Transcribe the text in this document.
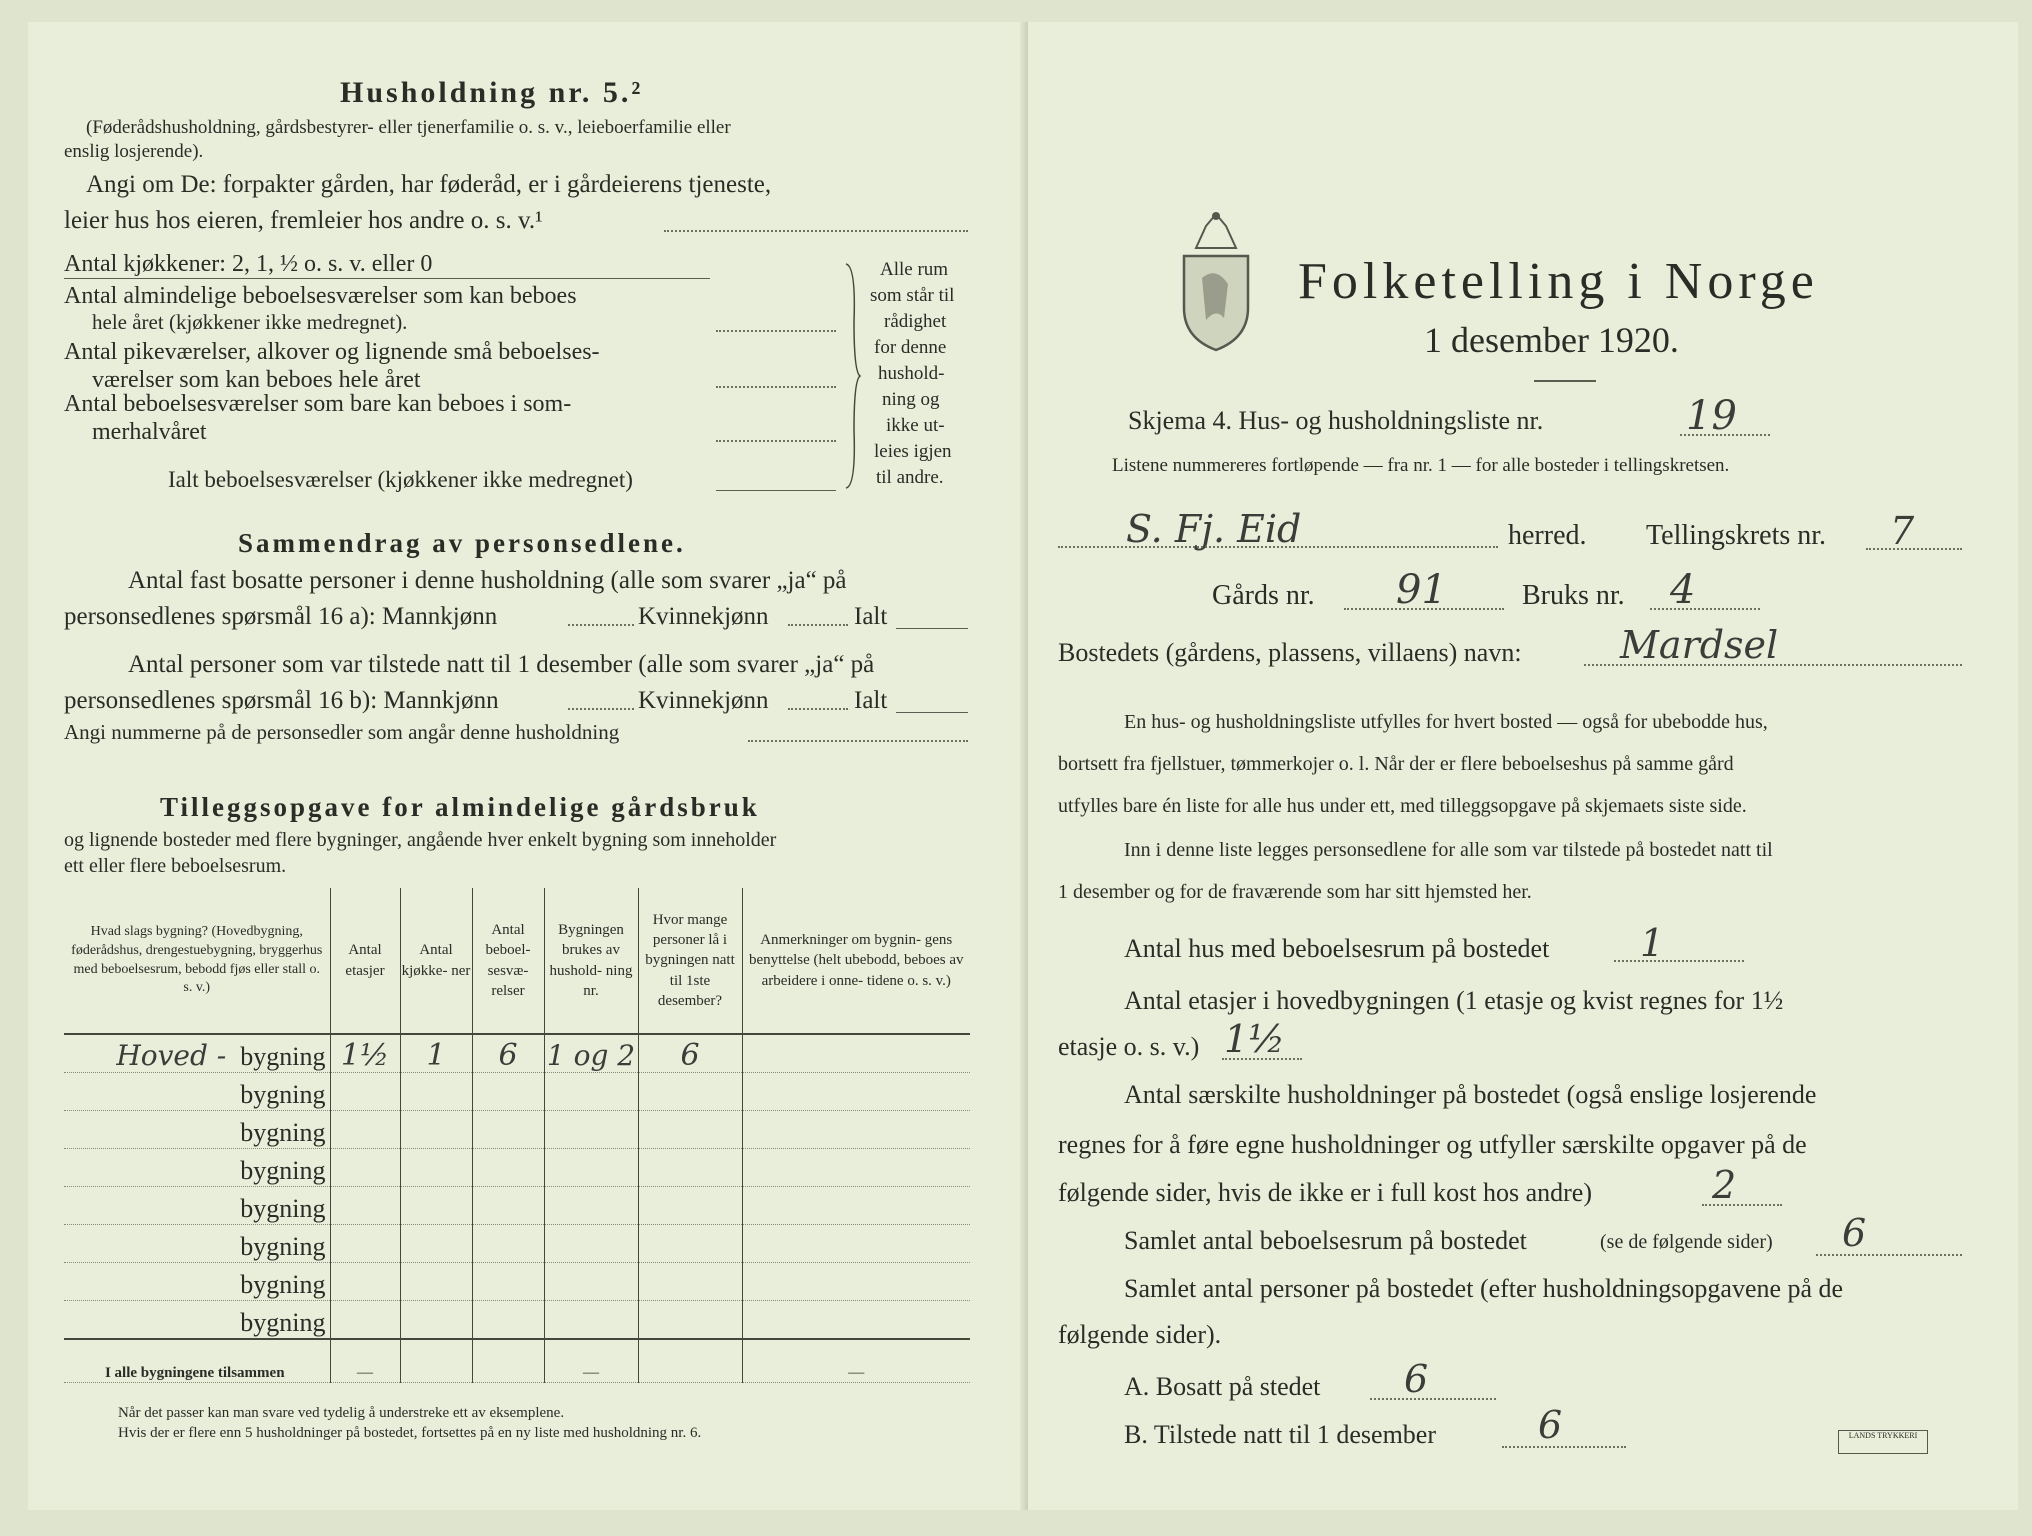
Husholdning nr. 5.²
(Føderådshusholdning, gårdsbestyrer- eller tjenerfamilie o. s. v., leieboerfamilie eller
enslig losjerende).
Angi om De: forpakter gården, har føderåd, er i gårdeierens tjeneste,
leier hus hos eieren, fremleier hos andre o. s. v.¹
Antal kjøkkener: 2, 1, ½ o. s. v. eller 0
Antal almindelige beboelsesværelser som kan beboes
hele året (kjøkkener ikke medregnet).
Antal pikeværelser, alkover og lignende små beboelses-
værelser som kan beboes hele året
Antal beboelsesværelser som bare kan beboes i som-
merhalvåret
Ialt beboelsesværelser (kjøkkener ikke medregnet)
Alle rum
som står til
rådighet
for denne
hushold-
ning og
ikke ut-
leies igjen
til andre.
Sammendrag av personsedlene.
Antal fast bosatte personer i denne husholdning (alle som svarer „ja“ på
personsedlenes spørsmål 16 a): Mannkjønn	Kvinnekjønn	Ialt
Antal personer som var tilstede natt til 1 desember (alle som svarer „ja“ på
personsedlenes spørsmål 16 b): Mannkjønn	Kvinnekjønn	Ialt
Angi nummerne på de personsedler som angår denne husholdning
Tilleggsopgave for almindelige gårdsbruk
og lignende bosteder med flere bygninger, angående hver enkelt bygning som inneholder
ett eller flere beboelsesrum.
Hvad slags bygning? (Hovedbygning, føderådshus, drengestuebygning, bryggerhus med beboelsesrum, bebodd fjøs eller stall o. s. v.)	Antal etasjer	Antal kjøkke- ner	Antal beboel- sesvæ- relser	Bygningen brukes av hushold- ning nr.	Hvor mange personer lå i bygningen natt til 1ste desember?	Anmerkninger om bygnin- gens benyttelse (helt ubebodd, beboes av arbeidere i onne- tidene o. s. v.)
Hoved - bygning	1½	1	6	1 og 2	6	
bygning						
bygning						
bygning						
bygning						
bygning						
bygning						
bygning						
I alle bygningene tilsammen	—			—		—
Når det passer kan man svare ved tydelig å understreke ett av eksemplene.
Hvis der er flere enn 5 husholdninger på bostedet, fortsettes på en ny liste med husholdning nr. 6.
Folketelling i Norge
1 desember 1920.
Skjema 4. Hus- og husholdningsliste nr.	19
Listene nummereres fortløpende — fra nr. 1 — for alle bosteder i tellingskretsen.
S. Fj. Eid	herred. Tellingskrets nr. 7
Gårds nr. 91	Bruks nr. 4
Bostedets (gårdens, plassens, villaens) navn:	Mardsel
En hus- og husholdningsliste utfylles for hvert bosted — også for ubebodde hus,
bortsett fra fjellstuer, tømmerkojer o. l. Når der er flere beboelseshus på samme gård
utfylles bare én liste for alle hus under ett, med tilleggsopgave på skjemaets siste side.
Inn i denne liste legges personsedlene for alle som var tilstede på bostedet natt til
1 desember og for de fraværende som har sitt hjemsted her.
Antal hus med beboelsesrum på bostedet 1
Antal etasjer i hovedbygningen (1 etasje og kvist regnes for 1½
etasje o. s. v.) 1½
Antal særskilte husholdninger på bostedet (også enslige losjerende
regnes for å føre egne husholdninger og utfyller særskilte opgaver på de
følgende sider, hvis de ikke er i full kost hos andre)	2
Samlet antal beboelsesrum på bostedet	(se de følgende sider) 6
Samlet antal personer på bostedet (efter husholdningsopgavene på de
følgende sider).
A. Bosatt på stedet 6
B. Tilstede natt til 1 desember	6	LANDS TRYKKERI
